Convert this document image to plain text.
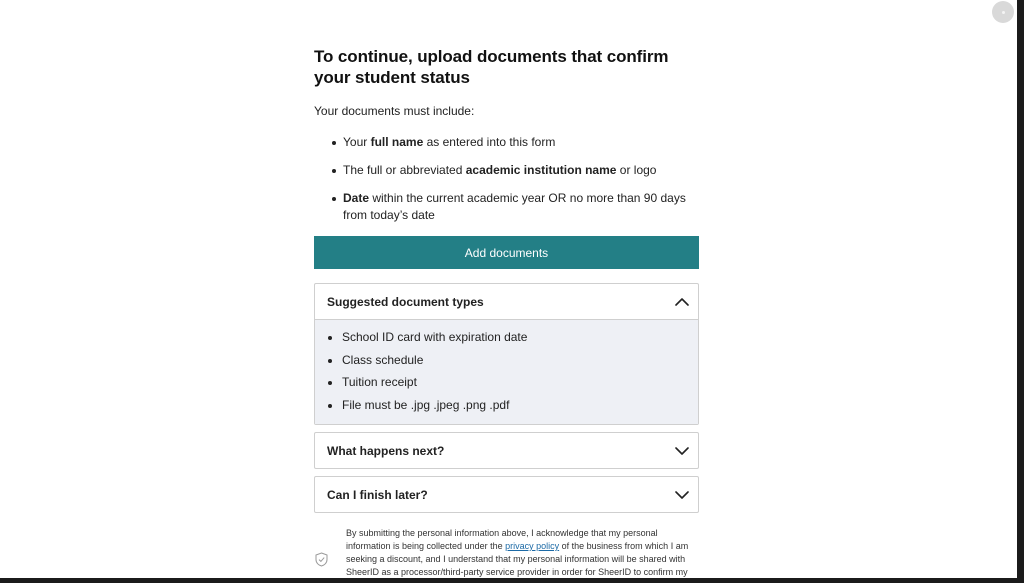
To continue, upload documents that confirm your student status

Your documents must include:

Your full name as entered into this form
The full or abbreviated academic institution name or logo
Date within the current academic year OR no more than 90 days from today’s date
Add documents
Suggested document types
School ID card with expiration date
Class schedule
Tuition receipt
File must be .jpg .jpeg .png .pdf
What happens next?
Can I finish later?

By submitting the personal information above, I acknowledge that my personal information is being collected under the privacy policy of the business from which I am seeking a discount, and I understand that my personal information will be shared with SheerID as a processor/third-party service provider in order for SheerID to confirm my
